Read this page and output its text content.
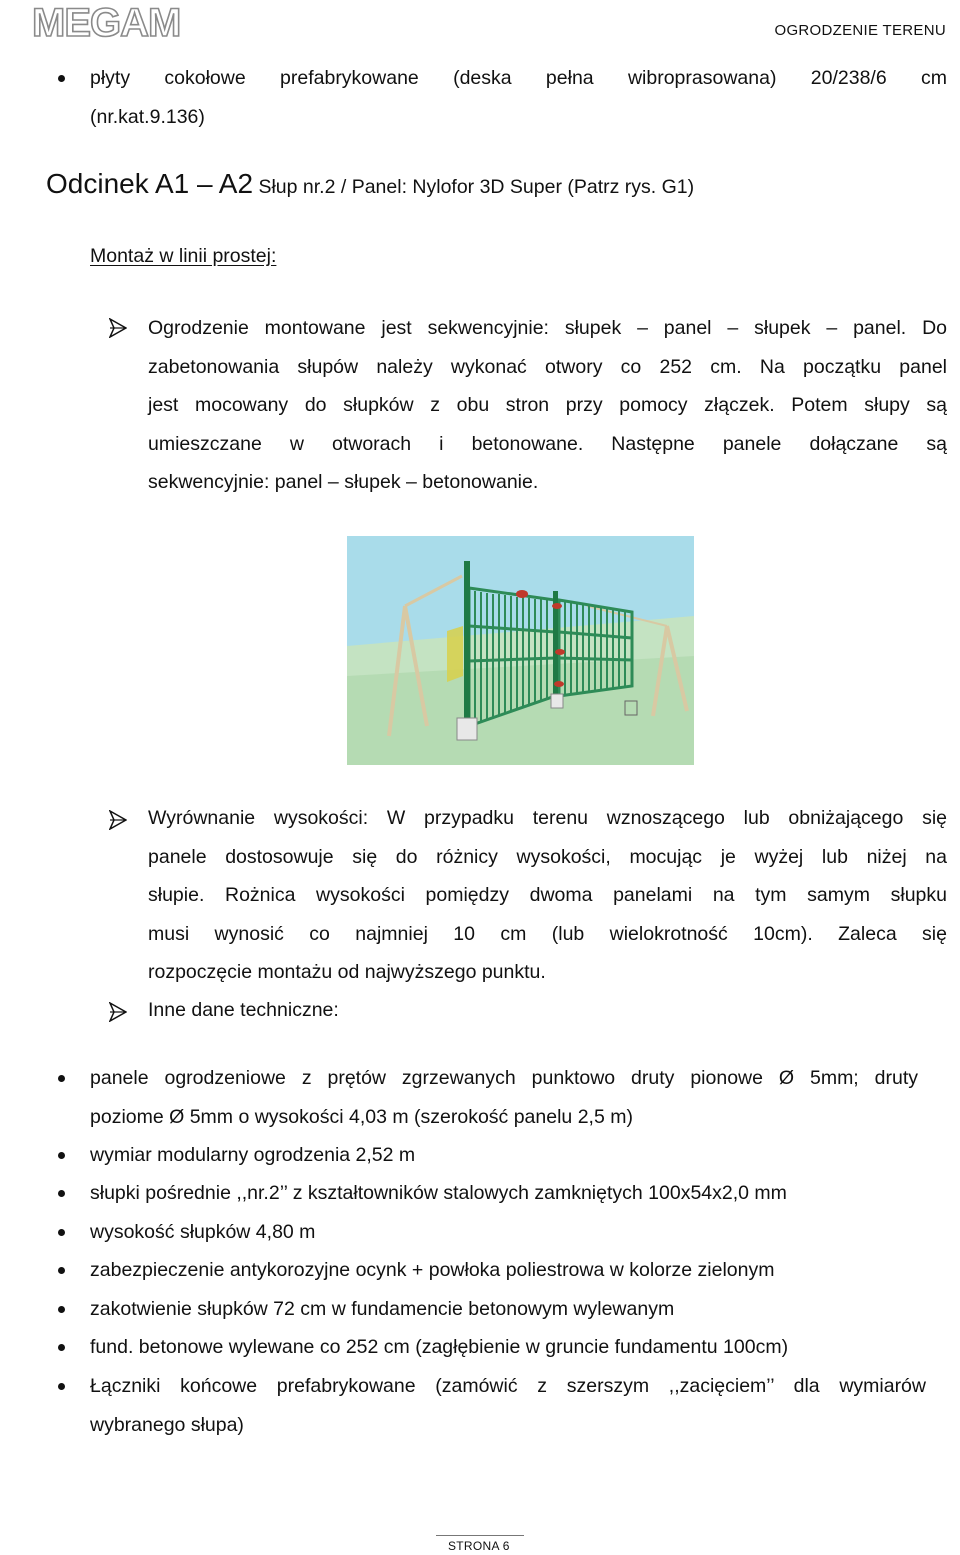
MEGAM	OGRODZENIE TERENU
płyty cokołowe prefabrykowane (deska pełna wibroprasowana) 20/238/6 cm
(nr.kat.9.136)
Odcinek A1 – A2 Słup nr.2 / Panel: Nylofor 3D Super (Patrz rys. G1)
Montaż w linii prostej:
Ogrodzenie montowane jest sekwencyjnie: słupek – panel – słupek – panel. Do
zabetonowania słupów należy wykonać otwory co 252 cm. Na początku panel
jest mocowany do słupków z obu stron przy pomocy złączek. Potem słupy są
umieszczane w otworach i betonowane. Następne panele dołączane są
sekwencyjnie: panel – słupek – betonowanie.
Wyrównanie wysokości: W przypadku terenu wznoszącego lub obniżającego się
panele dostosowuje się do różnicy wysokości, mocując je wyżej lub niżej na
słupie. Rożnica wysokości pomiędzy dwoma panelami na tym samym słupku
musi wynosić co najmniej 10 cm (lub wielokrotność 10cm). Zaleca się
rozpoczęcie montażu od najwyższego punktu.
Inne dane techniczne:
panele ogrodzeniowe z prętów zgrzewanych punktowo druty pionowe Ø 5mm; druty
poziome Ø 5mm o wysokości 4,03 m (szerokość panelu 2,5 m)
wymiar modularny ogrodzenia 2,52 m
słupki pośrednie ,,nr.2’’ z kształtowników stalowych zamkniętych 100x54x2,0 mm
wysokość słupków 4,80 m
zabezpieczenie antykorozyjne ocynk + powłoka poliestrowa w kolorze zielonym
zakotwienie słupków 72 cm w fundamencie betonowym wylewanym
fund. betonowe wylewane co 252 cm (zagłębienie w gruncie fundamentu 100cm)
Łączniki końcowe prefabrykowane (zamówić z szerszym ,,zacięciem’’ dla wymiarów
wybranego słupa)
STRONA 6
